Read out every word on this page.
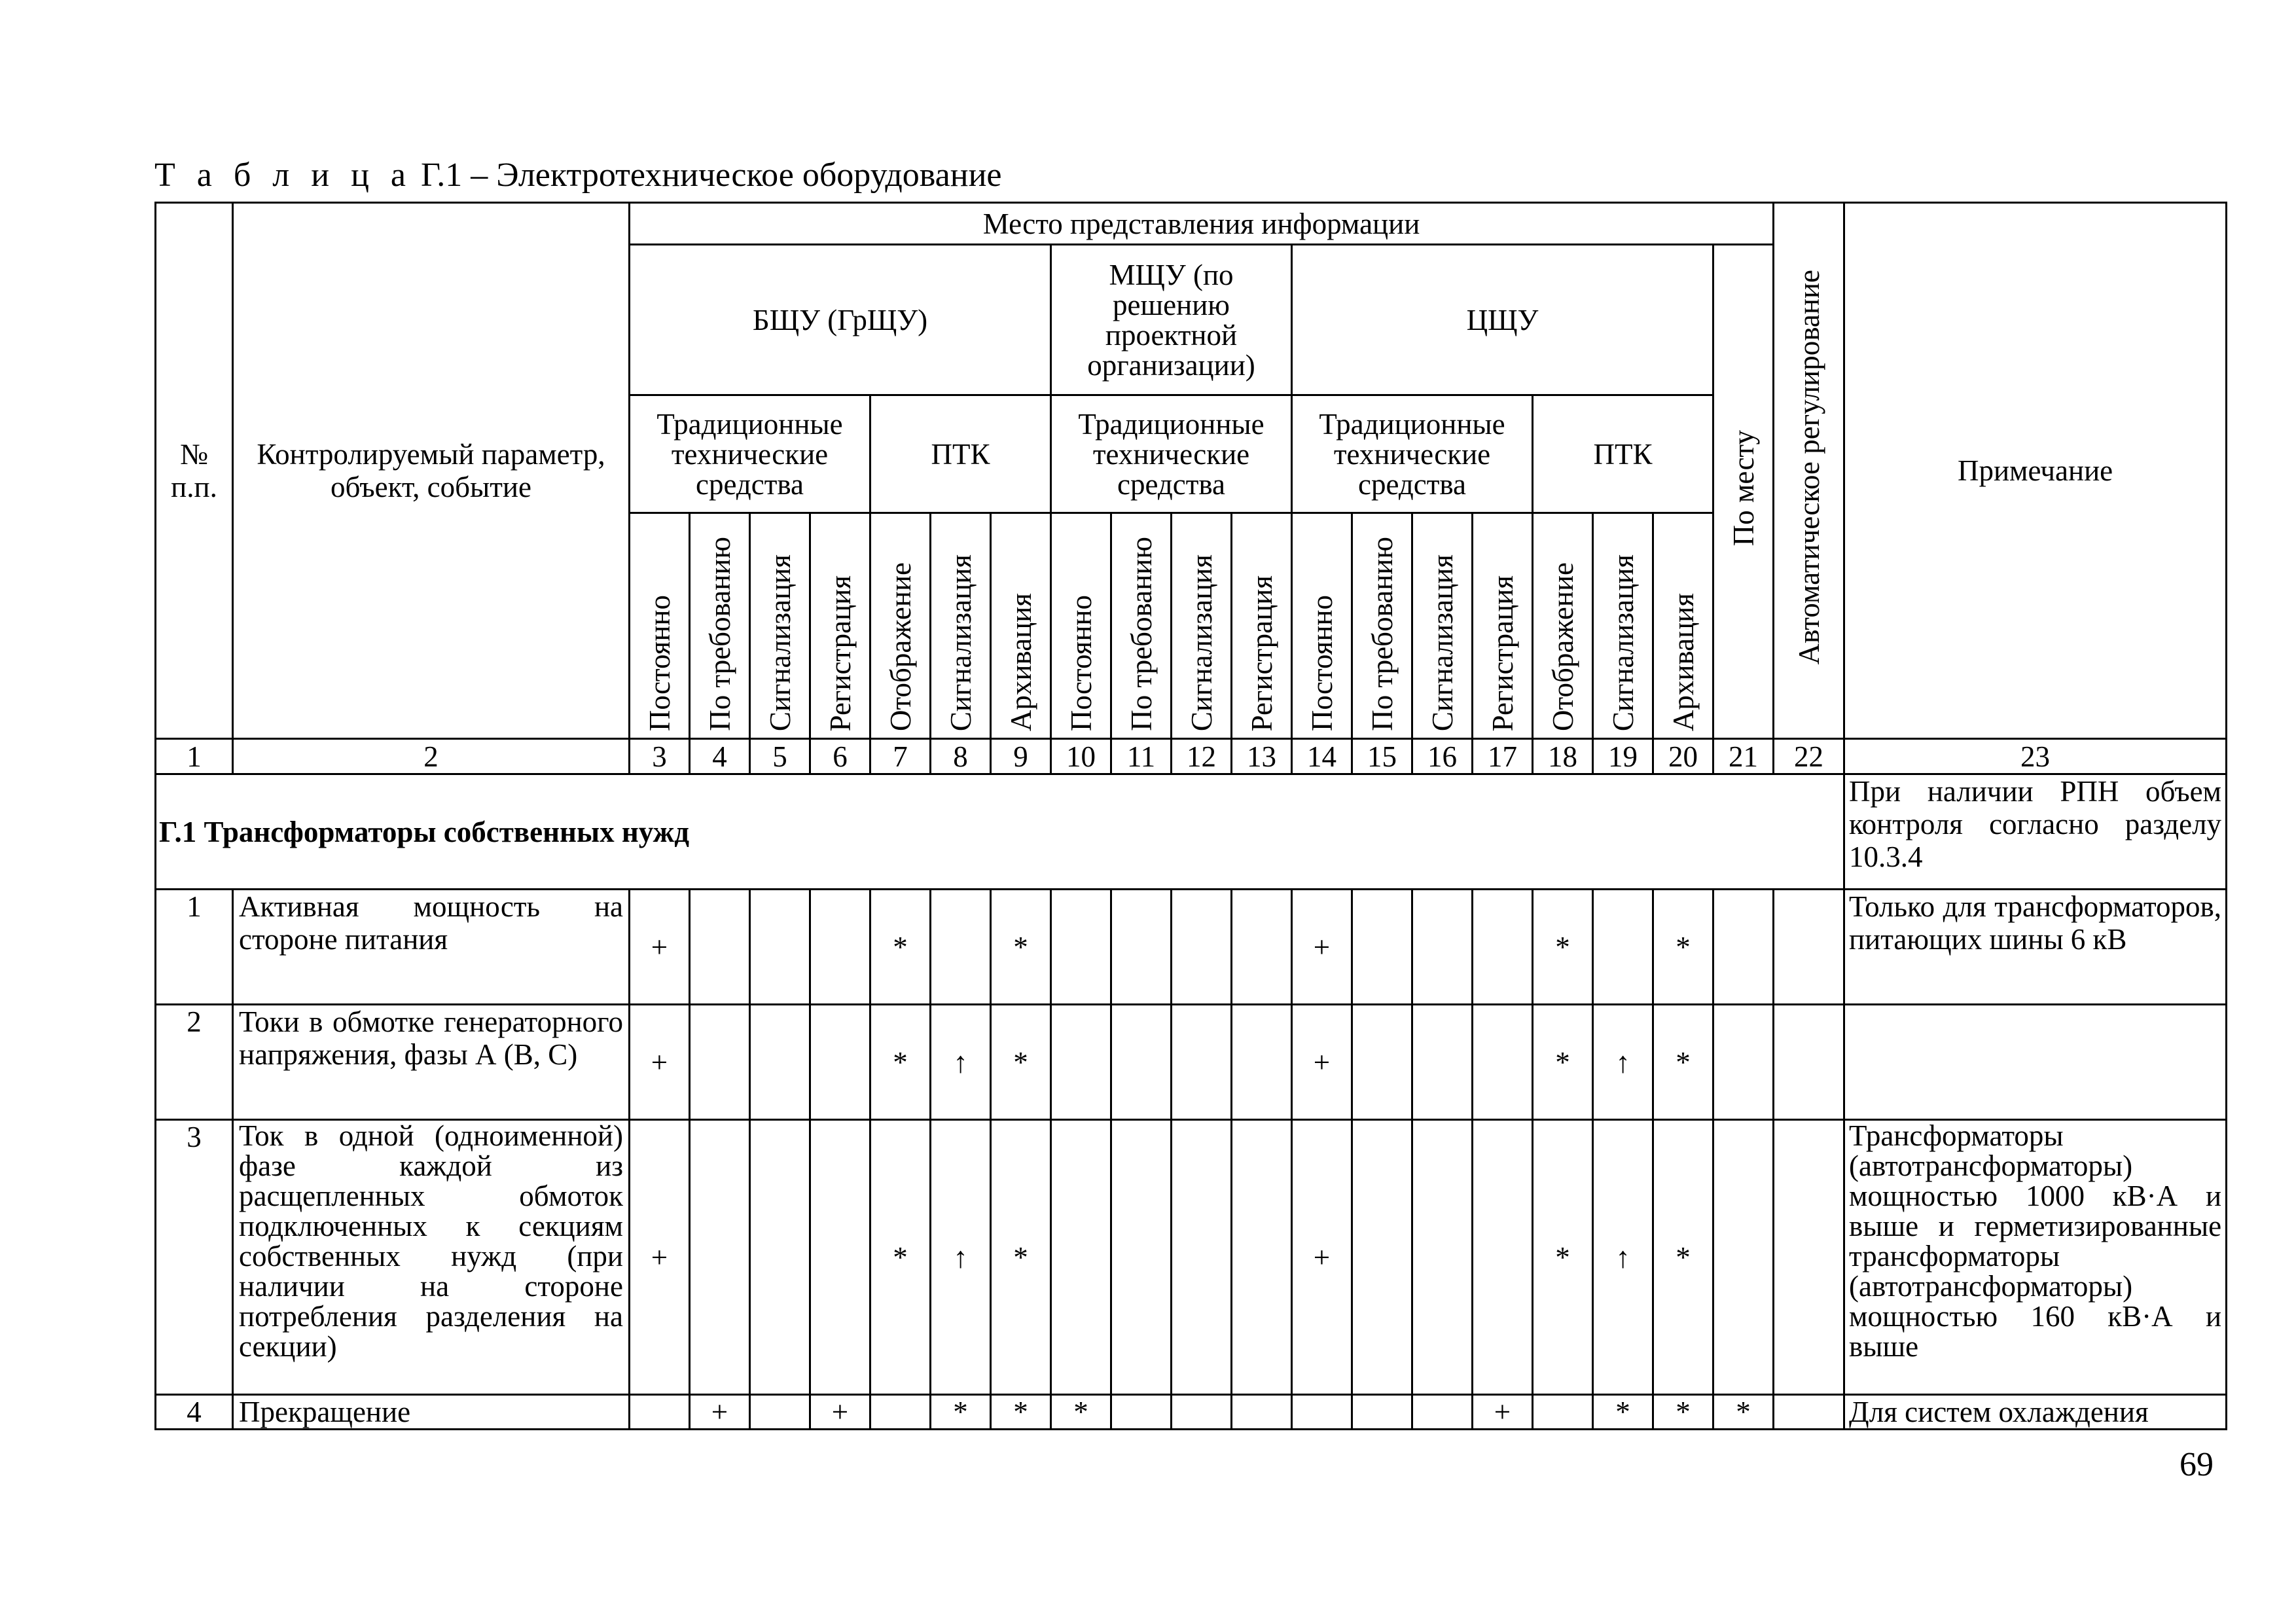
Т а б л и ц а Г.1 – Электротехническое оборудование
№ п.п.	Контролируемый параметр, объект, событие	Место представления информации																			Автоматическое регулирование	Примечание
		БЩУ (ГрЩУ)							МЩУ (по решению проектной организации)				ЦЩУ							По месту		
		Традиционные технические средства				ПТК			Традиционные технические средства				Традиционные технические средства				ПТК					
		Постоянно	По требованию	Сигнализация	Регистрация	Отображение	Сигнализация	Архивация	Постоянно	По требованию	Сигнализация	Регистрация	Постоянно	По требованию	Сигнализация	Регистрация	Отображение	Сигнализация	Архивация			
1	2	3	4	5	6	7	8	9	10	11	12	13	14	15	16	17	18	19	20	21	22	23
Г.1 Трансформаторы собственных нужд																						При наличии РПН объем контроля согласно разделу 10.3.4
1	Активная мощность на стороне питания	+				*		*					+				*		*			Только для трансформаторов, питающих шины 6 кВ
2	Токи в обмотке генераторного напряжения, фазы А (В, С)	+				*	↑	*					+				*	↑	*			
3	Ток в одной (одноименной) фазе каждой из расщепленных обмоток подключенных к секциям собственных нужд (при наличии на стороне потребления разделения на секции)	+				*	↑	*					+				*	↑	*			Трансформаторы (автотрансформаторы) мощностью 1000 кВ·А и выше и герметизированные трансформаторы (автотрансформаторы) мощностью 160 кВ·А и выше
4	Прекращение		+		+		*	*	*							+		*	*	*		Для систем охлаждения
69
